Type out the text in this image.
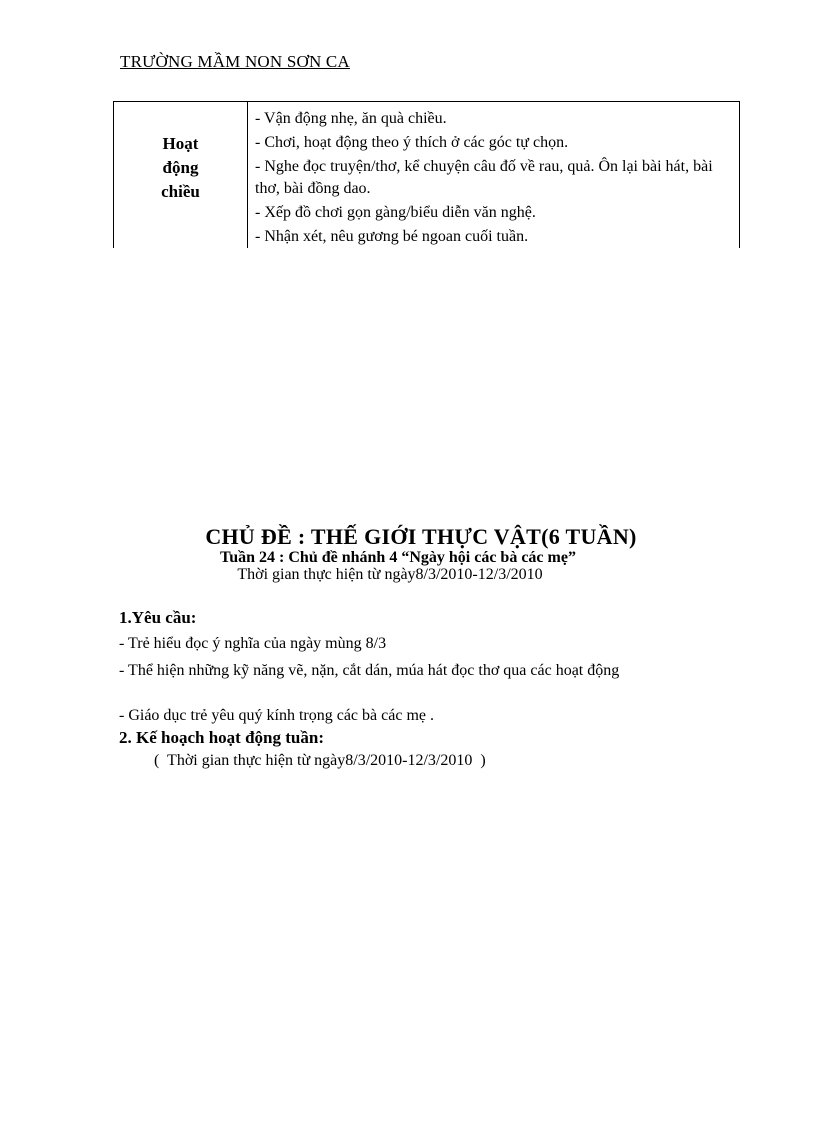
TRƯỜNG MẦM NON SƠN CA
Hoạt
động
chiều
- Vận động nhẹ, ăn quà chiều.
- Chơi, hoạt động theo ý thích ở các góc tự chọn.
- Nghe đọc truyện/thơ, kể chuyện câu đố về rau, quả. Ôn lại bài hát, bài thơ, bài đồng dao.
- Xếp đồ chơi gọn gàng/biểu diễn văn nghệ.
- Nhận xét, nêu gương bé ngoan cuối tuần.
CHỦ ĐỀ : THẾ GIỚI THỰC VẬT(6 TUẦN)
Tuần 24 : Chủ đề nhánh 4 “Ngày hội các bà các mẹ”
Thời gian thực hiện từ ngày8/3/2010-12/3/2010
1.Yêu cầu:
- Trẻ hiểu đọc ý nghĩa của ngày mùng 8/3
- Thể hiện những kỹ năng vẽ, nặn, cắt dán, múa hát đọc thơ qua các hoạt động
- Giáo dục trẻ yêu quý kính trọng các bà các mẹ .
2. Kế hoạch hoạt động tuần:
(  Thời gian thực hiện từ ngày8/3/2010-12/3/2010  )
